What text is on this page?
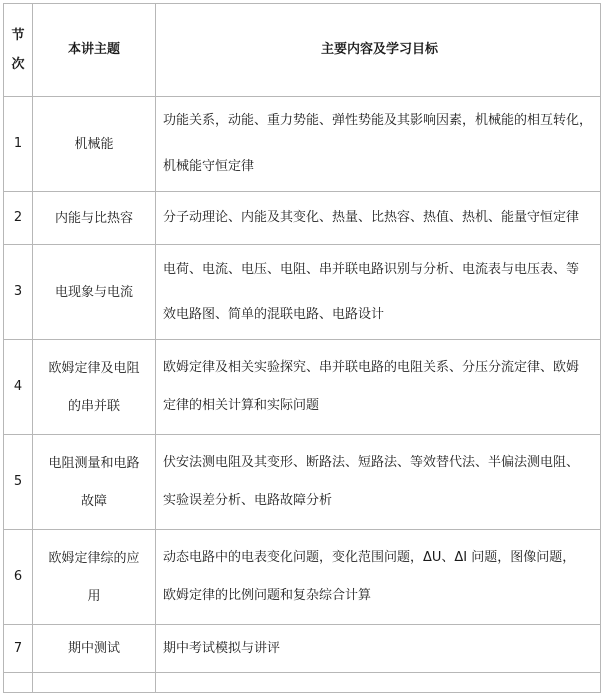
节
次	本讲主题	主要内容及学习目标
1	机械能	功能关系，动能、重力势能、弹性势能及其影响因素，机械能的相互转化，
机械能守恒定律

2	内能与比热容	分子动理论、内能及其变化、热量、比热容、热值、热机、能量守恒定律

3	电现象与电流	电荷、电流、电压、电阻、串并联电路识别与分析、电流表与电压表、等
效电路图、简单的混联电路、电路设计

4	欧姆定律及电阻
的串并联	欧姆定律及相关实验探究、串并联电路的电阻关系、分压分流定律、欧姆
定律的相关计算和实际问题

5	电阻测量和电路
故障	伏安法测电阻及其变形、断路法、短路法、等效替代法、半偏法测电阻、
实验误差分析、电路故障分析

6	欧姆定律综的应
用	动态电路中的电表变化问题，变化范围问题，ΔU、ΔI 问题，图像问题，
欧姆定律的比例问题和复杂综合计算

7	期中测试	期中考试模拟与讲评
